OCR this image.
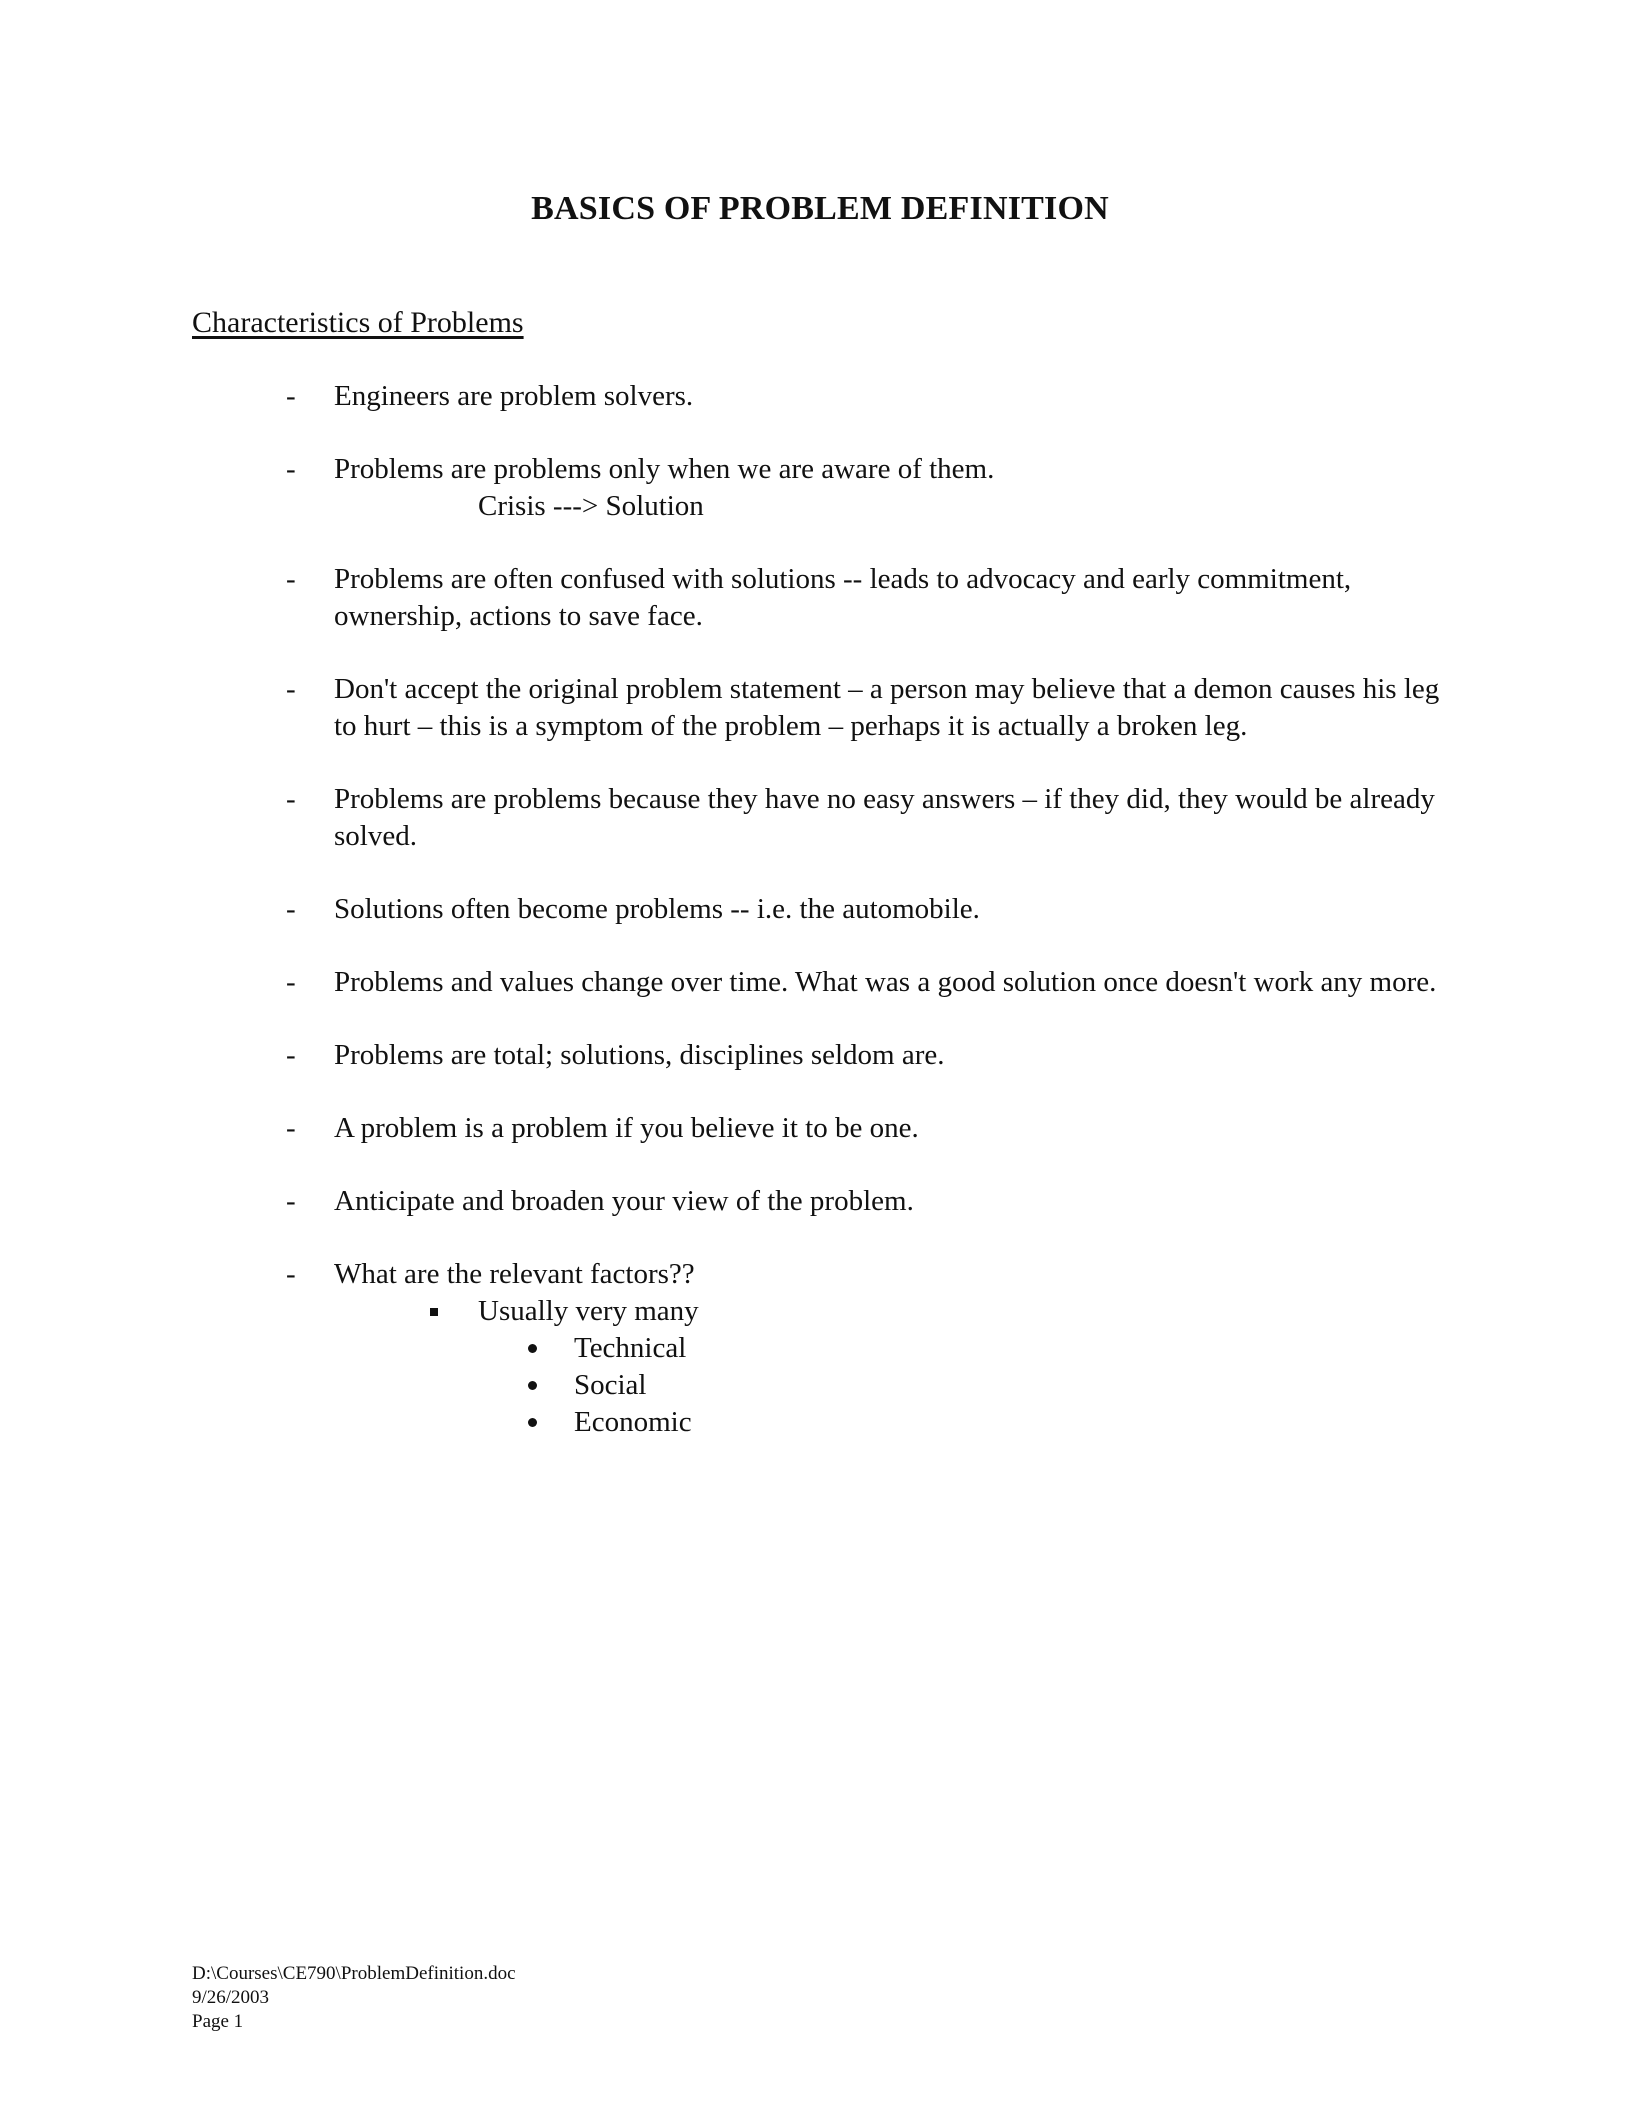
BASICS OF PROBLEM DEFINITION
Characteristics of Problems
-	Engineers are problem solvers.
-	Problems are problems only when we are aware of them.
Crisis ---> Solution
-	Problems are often confused with solutions -- leads to advocacy and early commitment, ownership, actions to save face.
-	Don't accept the original problem statement – a person may believe that a demon causes his leg to hurt – this is a symptom of the problem – perhaps it is actually a broken leg.
-	Problems are problems because they have no easy answers – if they did, they would be already solved.
-	Solutions often become problems -- i.e. the automobile.
-	Problems and values change over time. What was a good solution once doesn't work any more.
-	Problems are total; solutions, disciplines seldom are.
-	A problem is a problem if you believe it to be one.
-	Anticipate and broaden your view of the problem.
-	What are the relevant factors??
Usually very many
Technical
Social
Economic
D:\Courses\CE790\ProblemDefinition.doc
9/26/2003
Page 1
